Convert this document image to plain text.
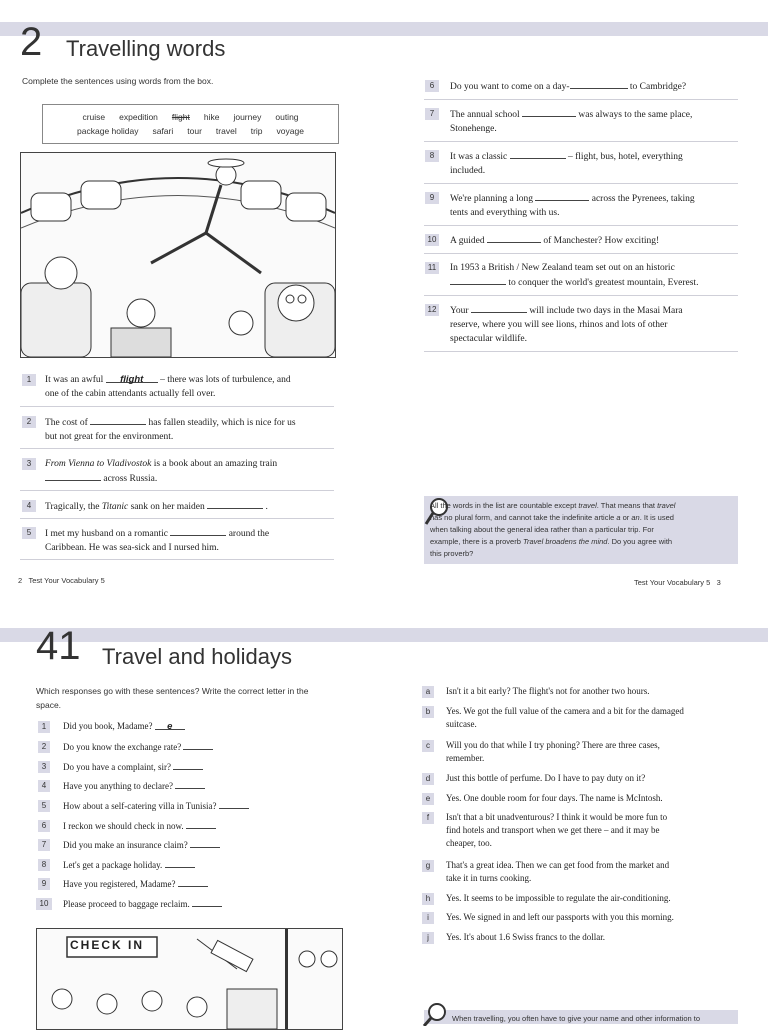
2 Travelling words
Complete the sentences using words from the box.
cruise expedition flight hike journey outing
package holiday safari tour travel trip voyage
1	It was an awful flight – there was lots of turbulence, and
one of the cabin attendants actually fell over.
2	The cost of	has fallen steadily, which is nice for us
but not great for the environment.
3	From Vienna to Vladivostok is a book about an amazing train
across Russia.
4	Tragically, the Titanic sank on her maiden	.
5	I met my husband on a romantic	around the
Caribbean. He was sea-sick and I nursed him.
6	Do you want to come on a day-	to Cambridge?
7	The annual school	was always to the same place,
Stonehenge.
8	It was a classic	– flight, bus, hotel, everything
included.
9	We're planning a long	across the Pyrenees, taking
tents and everything with us.
10 A guided	of Manchester? How exciting!
11 In 1953 a British / New Zealand team set out on an historic
to conquer the world's greatest mountain, Everest.
12 Your	will include two days in the Masai Mara
reserve, where you will see lions, rhinos and lots of other
spectacular wildlife.
All the words in the list are countable except travel. That means that travel
has no plural form, and cannot take the indefinite article a or an. It is used
when talking about the general idea rather than a particular trip. For
example, there is a proverb Travel broadens the mind. Do you agree with
this proverb?
2 Test Your Vocabulary 5	Test Your Vocabulary 5 3
41 Travel and holidays
Which responses go with these sentences? Write the correct letter in the
space.
1	Did you book, Madame? e
2	Do you know the exchange rate?
3	Do you have a complaint, sir?
4	Have you anything to declare?
5	How about a self-catering villa in Tunisia?
6	I reckon we should check in now.
7	Did you make an insurance claim?
8	Let's get a package holiday.
9	Have you registered, Madame?
10	Please proceed to baggage reclaim.
a	Isn't it a bit early? The flight's not for another two hours.
b	Yes. We got the full value of the camera and a bit for the damaged
suitcase.
c	Will you do that while I try phoning? There are three cases,
remember.
d	Just this bottle of perfume. Do I have to pay duty on it?
e	Yes. One double room for four days. The name is McIntosh.
f	Isn't that a bit unadventurous? I think it would be more fun to
find hotels and transport when we get there – and it may be
cheaper, too.
g	That's a great idea. Then we can get food from the market and
take it in turns cooking.
h	Yes. It seems to be impossible to regulate the air-conditioning.
i	Yes. We signed in and left our passports with you this morning.
j	Yes. It's about 1.6 Swiss francs to the dollar.
CHECK IN
When travelling, you often have to give your name and other information to
